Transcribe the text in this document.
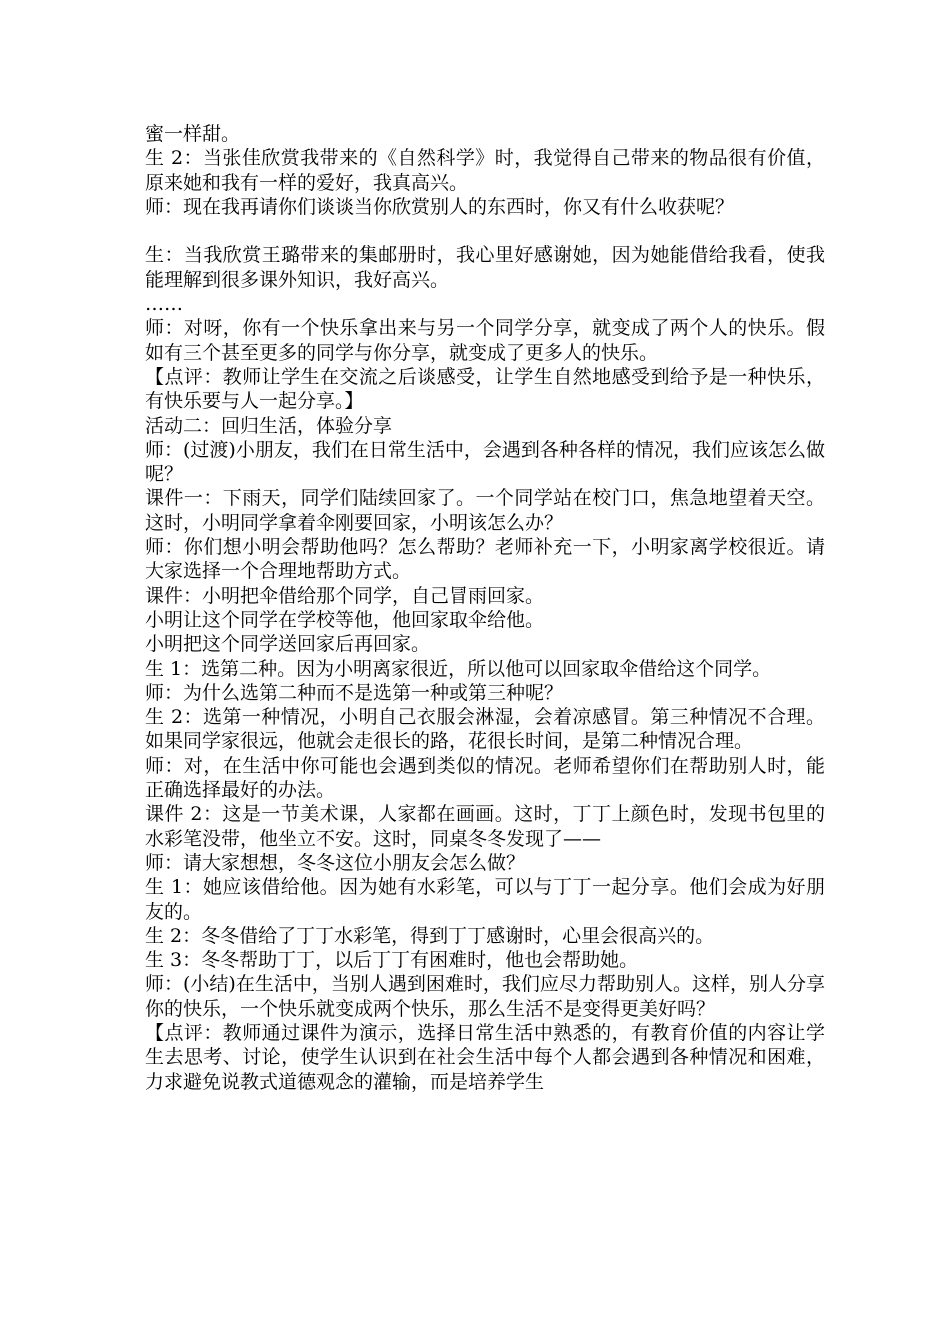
蜜一样甜。

生 2：当张佳欣赏我带来的《自然科学》时，我觉得自己带来的物品很有价值，原来她和我有一样的爱好，我真高兴。

师：现在我再请你们谈谈当你欣赏别人的东西时，你又有什么收获呢？

生：当我欣赏王璐带来的集邮册时，我心里好感谢她，因为她能借给我看，使我能理解到很多课外知识，我好高兴。

……

师：对呀，你有一个快乐拿出来与另一个同学分享，就变成了两个人的快乐。假如有三个甚至更多的同学与你分享，就变成了更多人的快乐。

【点评：教师让学生在交流之后谈感受，让学生自然地感受到给予是一种快乐，有快乐要与人一起分享。】

活动二：回归生活，体验分享

师：(过渡)小朋友，我们在日常生活中，会遇到各种各样的情况，我们应该怎么做呢？

课件一：下雨天，同学们陆续回家了。一个同学站在校门口，焦急地望着天空。这时，小明同学拿着伞刚要回家，小明该怎么办？

师：你们想小明会帮助他吗？怎么帮助？老师补充一下，小明家离学校很近。请大家选择一个合理地帮助方式。

课件：小明把伞借给那个同学，自己冒雨回家。

小明让这个同学在学校等他，他回家取伞给他。

小明把这个同学送回家后再回家。

生 1：选第二种。因为小明离家很近，所以他可以回家取伞借给这个同学。

师：为什么选第二种而不是选第一种或第三种呢？

生 2：选第一种情况，小明自己衣服会淋湿，会着凉感冒。第三种情况不合理。如果同学家很远，他就会走很长的路，花很长时间，是第二种情况合理。

师：对，在生活中你可能也会遇到类似的情况。老师希望你们在帮助别人时，能正确选择最好的办法。

课件 2：这是一节美术课，人家都在画画。这时，丁丁上颜色时，发现书包里的水彩笔没带，他坐立不安。这时，同桌冬冬发现了——

师：请大家想想，冬冬这位小朋友会怎么做？

生 1：她应该借给他。因为她有水彩笔，可以与丁丁一起分享。他们会成为好朋友的。

生 2：冬冬借给了丁丁水彩笔，得到丁丁感谢时，心里会很高兴的。

生 3：冬冬帮助丁丁，以后丁丁有困难时，他也会帮助她。

师：(小结)在生活中，当别人遇到困难时，我们应尽力帮助别人。这样，别人分享你的快乐，一个快乐就变成两个快乐，那么生活不是变得更美好吗？

【点评：教师通过课件为演示，选择日常生活中熟悉的，有教育价值的内容让学生去思考、讨论，使学生认识到在社会生活中每个人都会遇到各种情况和困难，力求避免说教式道德观念的灌输，而是培养学生
